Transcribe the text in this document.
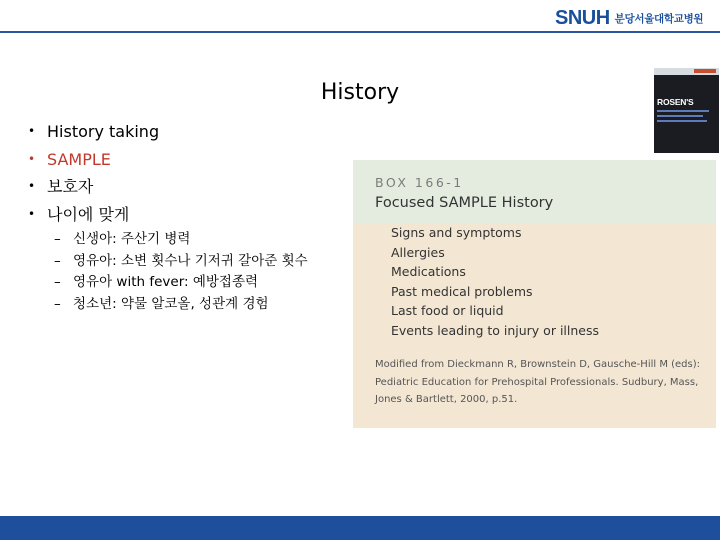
SNUH 분당서울대학교병원
History
• History taking
• SAMPLE
• 보호자
• 나이에 맞게
– 신생아: 주산기 병력
– 영유아: 소변 횟수나 기저귀 갈아준 횟수
– 영유아 with fever: 예방접종력
– 청소년: 약물 알코올, 성관계 경험
ROSEN'S
BOX 166-1
Focused SAMPLE History
Signs and symptoms
Allergies
Medications
Past medical problems
Last food or liquid
Events leading to injury or illness
Modified from Dieckmann R, Brownstein D, Gausche-Hill M (eds): Pediatric Education for Prehospital Professionals. Sudbury, Mass, Jones & Bartlett, 2000, p.51.
